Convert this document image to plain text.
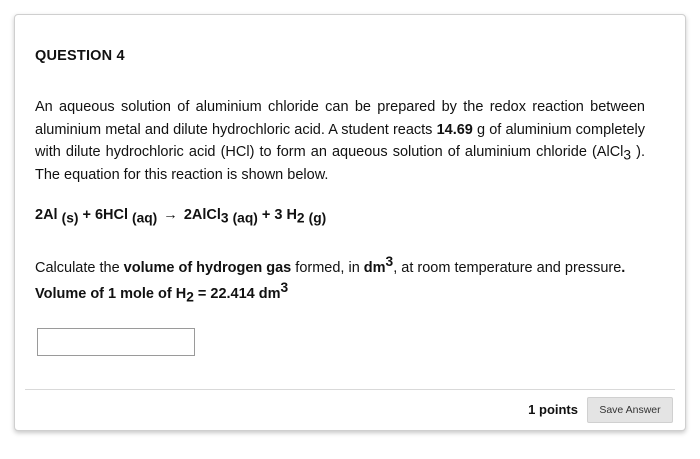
QUESTION 4
An aqueous solution of aluminium chloride can be prepared by the redox reaction between aluminium metal and dilute hydrochloric acid. A student reacts 14.69 g of aluminium completely with dilute hydrochloric acid (HCl) to form an aqueous solution of aluminium chloride (AlCl3 ). The equation for this reaction is shown below.
2Al (s) + 6HCl (aq) → 2AlCl3 (aq) + 3 H2 (g)
Calculate the volume of hydrogen gas formed, in dm3, at room temperature and pressure.
Volume of 1 mole of H2 = 22.414 dm3
1 points	Save Answer
